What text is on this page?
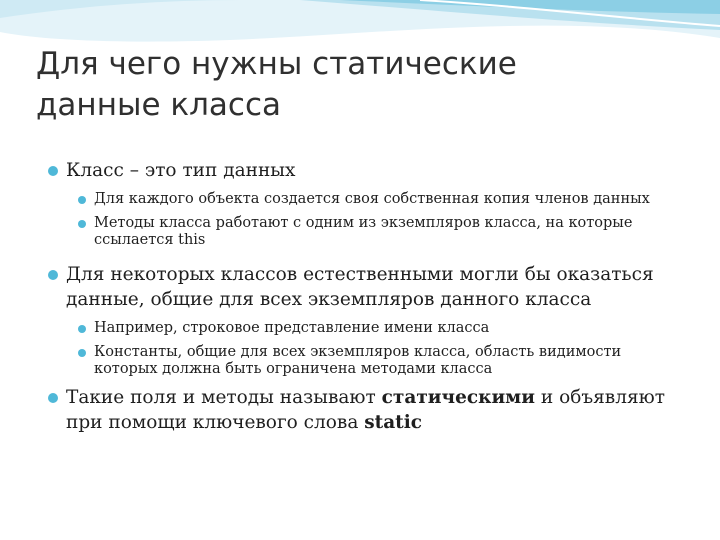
Для чего нужны статические
данные класса
Класс – это тип данных
Для каждого объекта создается своя собственная копия членов данных
Методы класса работают с одним из экземпляров класса, на которые ссылается this
Для некоторых классов естественными могли бы оказаться данные, общие для всех экземпляров данного класса
Например, строковое представление имени класса
Константы, общие для всех экземпляров класса, область видимости которых должна быть ограничена методами класса
Такие поля и методы называют статическими и объявляют при помощи ключевого слова static
